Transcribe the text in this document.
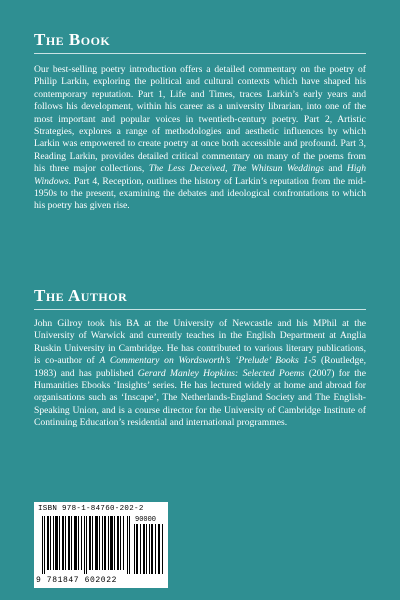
The Book

Our best-selling poetry introduction offers a detailed commentary on the poetry of Philip Larkin, exploring the political and cultural contexts which have shaped his contemporary reputation. Part 1, Life and Times, traces Larkin’s early years and follows his development, within his career as a university librarian, into one of the most important and popular voices in twentieth-century poetry. Part 2, Artistic Strategies, explores a range of methodologies and aesthetic influences by which Larkin was empowered to create poetry at once both accessible and profound. Part 3, Reading Larkin, provides detailed critical commentary on many of the poems from his three major collections, The Less Deceived, The Whitsun Weddings and High Windows. Part 4, Reception, outlines the history of Larkin’s reputation from the mid-1950s to the present, examining the debates and ideological confrontations to which his poetry has given rise.

The Author

John Gilroy took his BA at the University of Newcastle and his MPhil at the University of Warwick and currently teaches in the English Department at Anglia Ruskin University in Cambridge. He has contributed to various literary publications, is co-author of A Commentary on Wordsworth’s ‘Prelude’ Books 1-5 (Routledge, 1983) and has published Gerard Manley Hopkins: Selected Poems (2007) for the Humanities Ebooks ‘Insights’ series. He has lectured widely at home and abroad for organisations such as ‘Inscape’, The Netherlands-England Society and The English-Speaking Union, and is a course director for the University of Cambridge Institute of Continuing Education’s residential and international programmes.

ISBN 978-1-84760-202-2
90000
9 781847 602022
